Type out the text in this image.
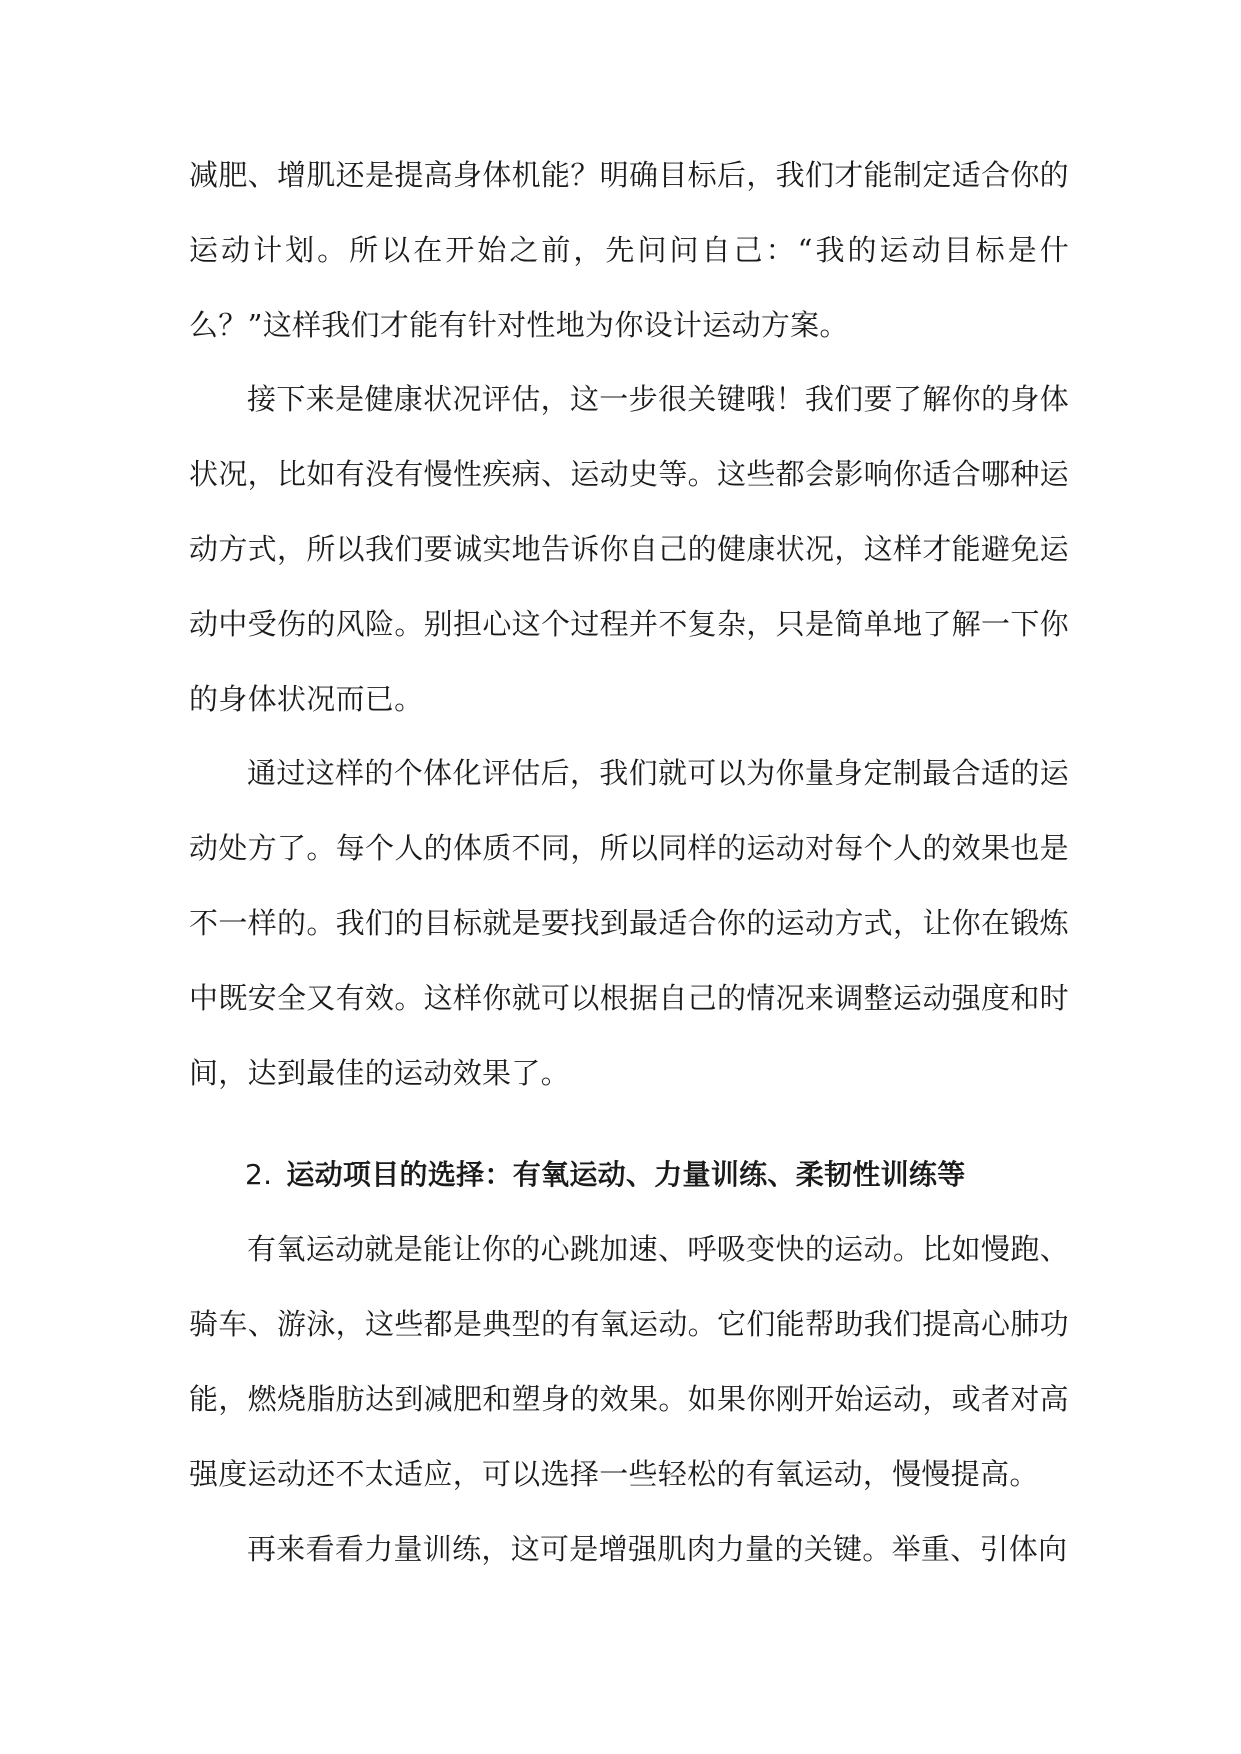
减肥、增肌还是提高身体机能？明确目标后，我们才能制定适合你的运动计划。所以在开始之前，先问问自己：“我的运动目标是什么？”这样我们才能有针对性地为你设计运动方案。

接下来是健康状况评估，这一步很关键哦！我们要了解你的身体状况，比如有没有慢性疾病、运动史等。这些都会影响你适合哪种运动方式，所以我们要诚实地告诉你自己的健康状况，这样才能避免运动中受伤的风险。别担心这个过程并不复杂，只是简单地了解一下你的身体状况而已。

通过这样的个体化评估后，我们就可以为你量身定制最合适的运动处方了。每个人的体质不同，所以同样的运动对每个人的效果也是不一样的。我们的目标就是要找到最适合你的运动方式，让你在锻炼中既安全又有效。这样你就可以根据自己的情况来调整运动强度和时间，达到最佳的运动效果了。

2. 运动项目的选择：有氧运动、力量训练、柔韧性训练等

有氧运动就是能让你的心跳加速、呼吸变快的运动。比如慢跑、骑车、游泳，这些都是典型的有氧运动。它们能帮助我们提高心肺功能，燃烧脂肪达到减肥和塑身的效果。如果你刚开始运动，或者对高强度运动还不太适应，可以选择一些轻松的有氧运动，慢慢提高。

再来看看力量训练，这可是增强肌肉力量的关键。举重、引体向
